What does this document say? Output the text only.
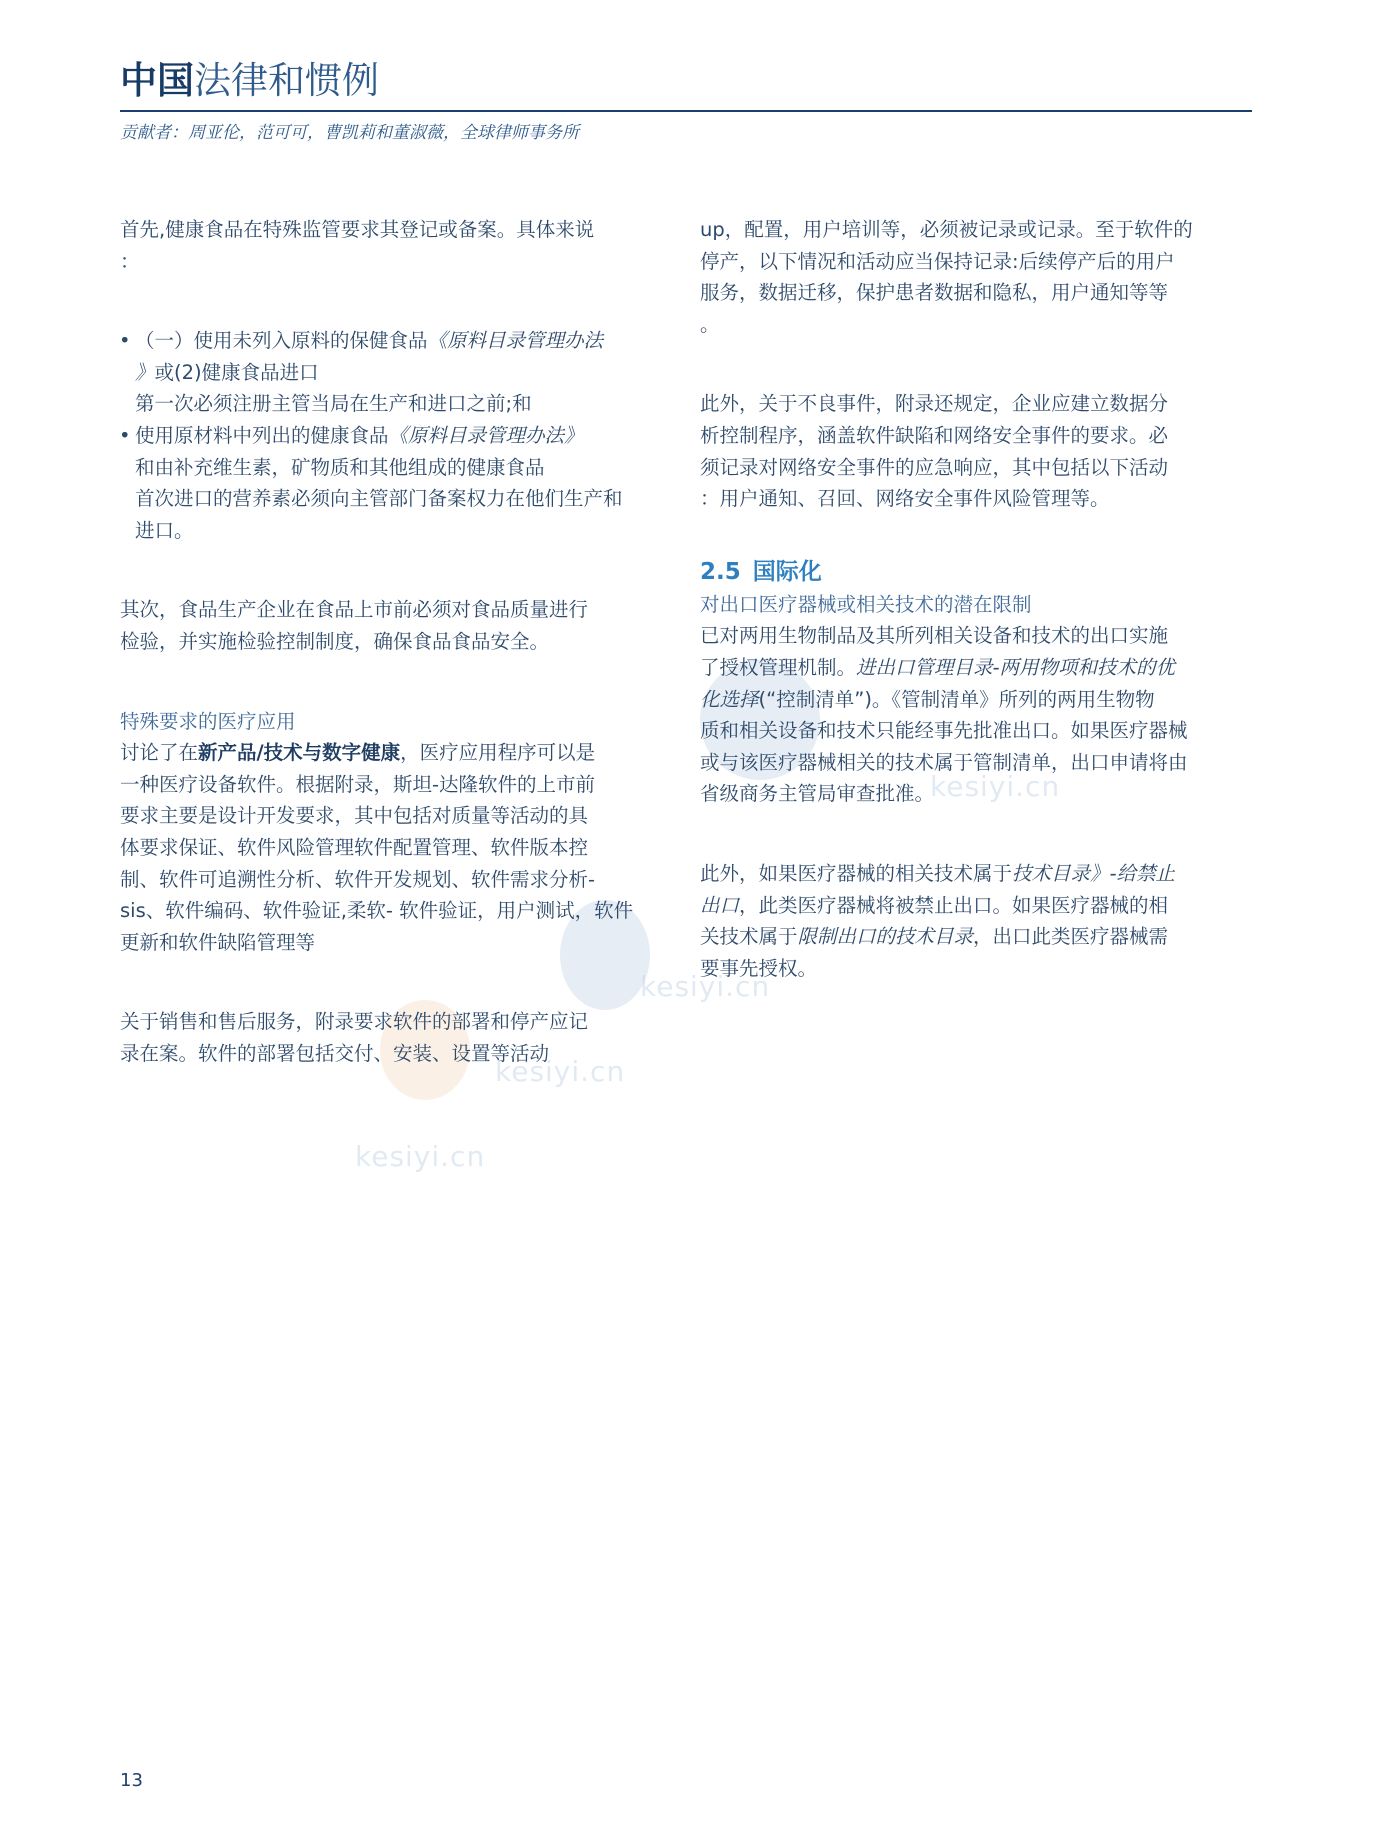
中国法律和惯例
贡献者：周亚伦，范可可，曹凯莉和董淑薇，全球律师事务所
kesiyi.cn
kesiyi.cn
kesiyi.cn
kesiyi.cn

首先,健康食品在特殊监管要求其登记或备案。具体来说
：

• （一）使用未列入原料的保健食品《原料目录管理办法
》或(2)健康食品进口
第一次必须注册主管当局在生产和进口之前;和
• 使用原材料中列出的健康食品《原料目录管理办法》
和由补充维生素，矿物质和其他组成的健康食品
首次进口的营养素必须向主管部门备案权力在他们生产和
进口。

其次，食品生产企业在食品上市前必须对食品质量进行
检验，并实施检验控制制度，确保食品食品安全。

特殊要求的医疗应用

讨论了在新产品/技术与数字健康，医疗应用程序可以是
一种医疗设备软件。根据附录，斯坦-达隆软件的上市前
要求主要是设计开发要求，其中包括对质量等活动的具
体要求保证、软件风险管理软件配置管理、软件版本控
制、软件可追溯性分析、软件开发规划、软件需求分析-
sis、软件编码、软件验证,柔软- 软件验证，用户测试，软件
更新和软件缺陷管理等

关于销售和售后服务，附录要求软件的部署和停产应记
录在案。软件的部署包括交付、安装、设置等活动

up，配置，用户培训等，必须被记录或记录。至于软件的
停产，以下情况和活动应当保持记录:后续停产后的用户
服务，数据迁移，保护患者数据和隐私，用户通知等等
。

此外，关于不良事件，附录还规定，企业应建立数据分
析控制程序，涵盖软件缺陷和网络安全事件的要求。必
须记录对网络安全事件的应急响应，其中包括以下活动
：用户通知、召回、网络安全事件风险管理等。

2.5 国际化

对出口医疗器械或相关技术的潜在限制

已对两用生物制品及其所列相关设备和技术的出口实施
了授权管理机制。进出口管理目录-两用物项和技术的优
化选择(“控制清单”)。《管制清单》所列的两用生物物
质和相关设备和技术只能经事先批准出口。如果医疗器械
或与该医疗器械相关的技术属于管制清单，出口申请将由
省级商务主管局审查批准。

此外，如果医疗器械的相关技术属于技术目录》-给禁止
出口，此类医疗器械将被禁止出口。如果医疗器械的相
关技术属于限制出口的技术目录，出口此类医疗器械需
要事先授权。

13
